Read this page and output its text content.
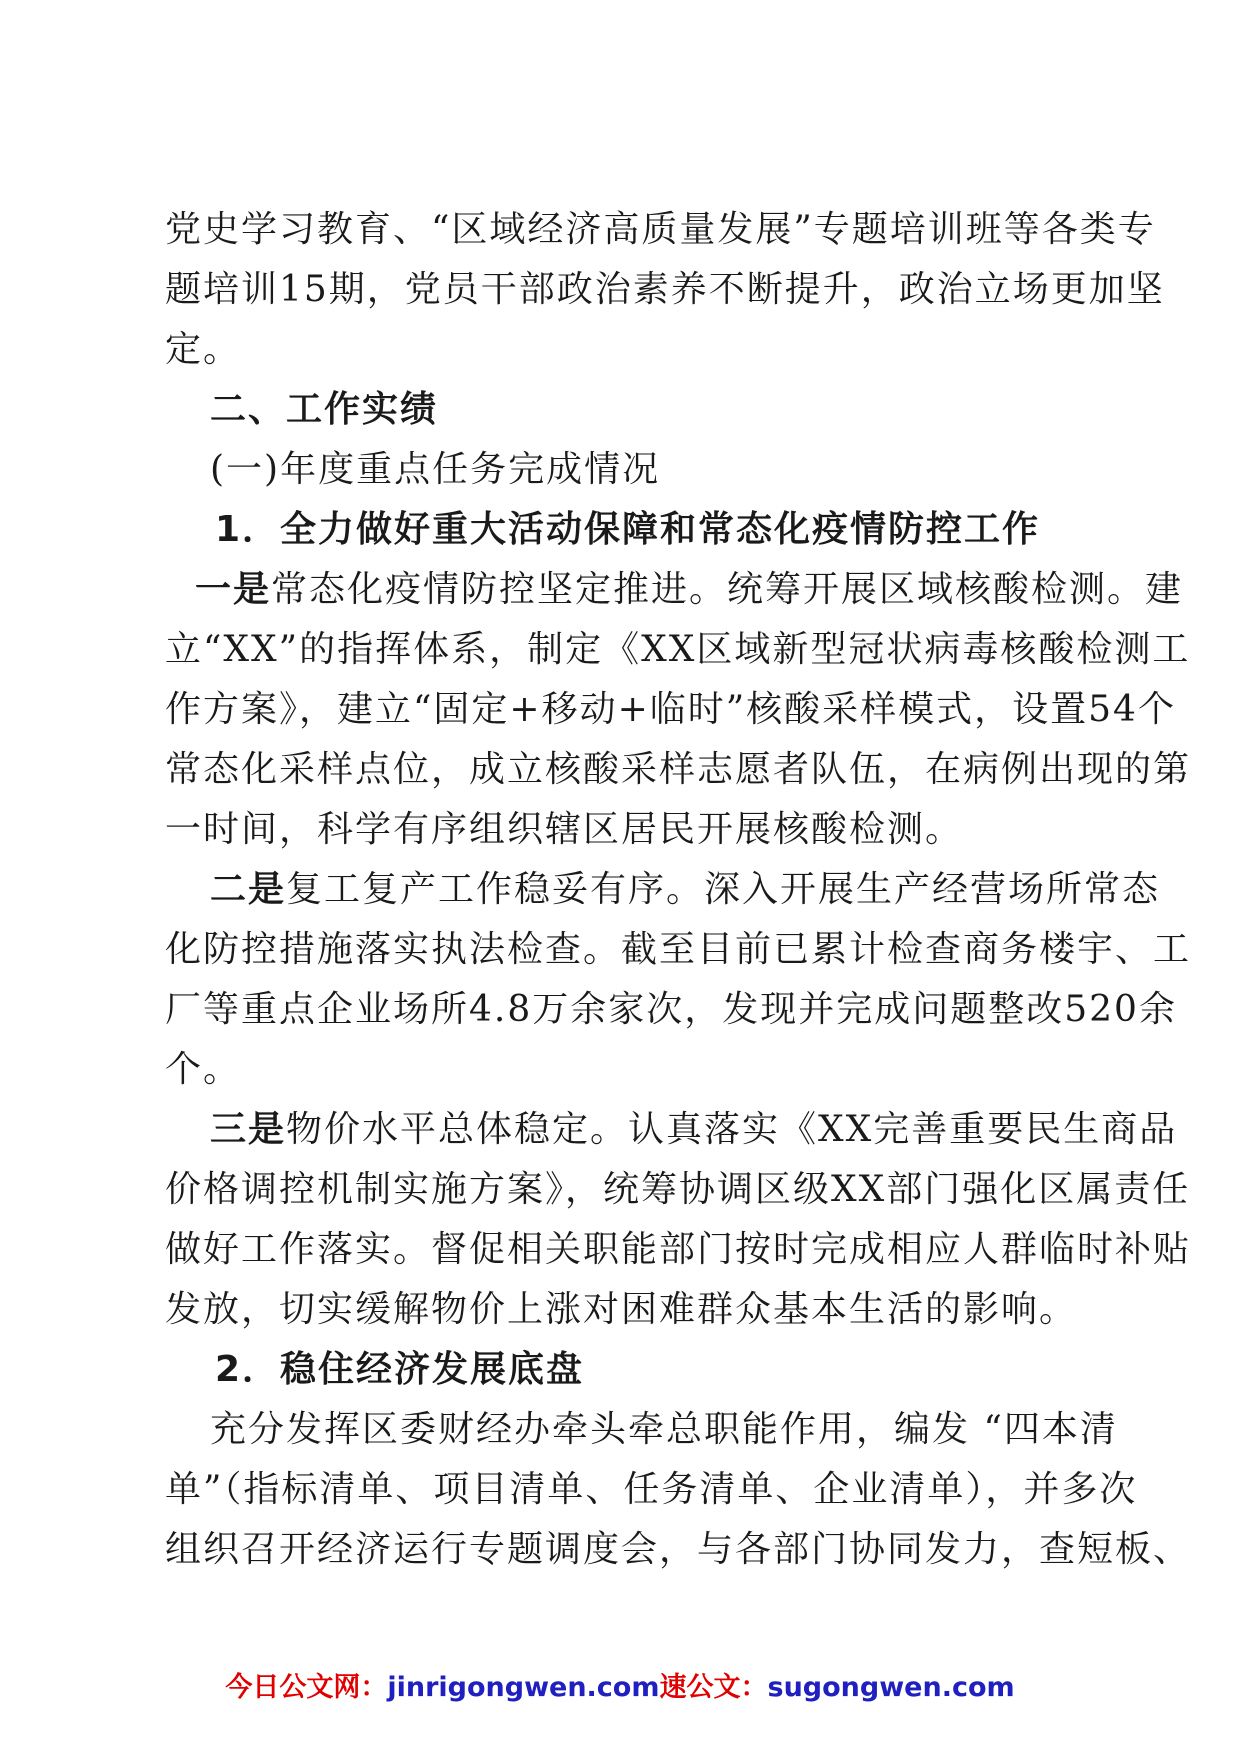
党史学习教育、“区域经济高质量发展”专题培训班等各类专
题培训15期，党员干部政治素养不断提升，政治立场更加坚
定。
二、工作实绩
(一)年度重点任务完成情况
1．全力做好重大活动保障和常态化疫情防控工作
一是常态化疫情防控坚定推进。统筹开展区域核酸检测。建
立“XX”的指挥体系，制定《XX区域新型冠状病毒核酸检测工
作方案》，建立“固定+移动+临时”核酸采样模式，设置54个
常态化采样点位，成立核酸采样志愿者队伍，在病例出现的第
一时间，科学有序组织辖区居民开展核酸检测。
二是复工复产工作稳妥有序。深入开展生产经营场所常态
化防控措施落实执法检查。截至目前已累计检查商务楼宇、工
厂等重点企业场所4.8万余家次，发现并完成问题整改520余
个。
三是物价水平总体稳定。认真落实《XX完善重要民生商品
价格调控机制实施方案》，统筹协调区级XX部门强化区属责任
做好工作落实。督促相关职能部门按时完成相应人群临时补贴
发放，切实缓解物价上涨对困难群众基本生活的影响。
2．稳住经济发展底盘
充分发挥区委财经办牵头牵总职能作用，编发 “四本清
单”（指标清单、项目清单、任务清单、企业清单），并多次
组织召开经济运行专题调度会，与各部门协同发力，查短板、
今日公文网：jinrigongwen.com速公文：sugongwen.com
